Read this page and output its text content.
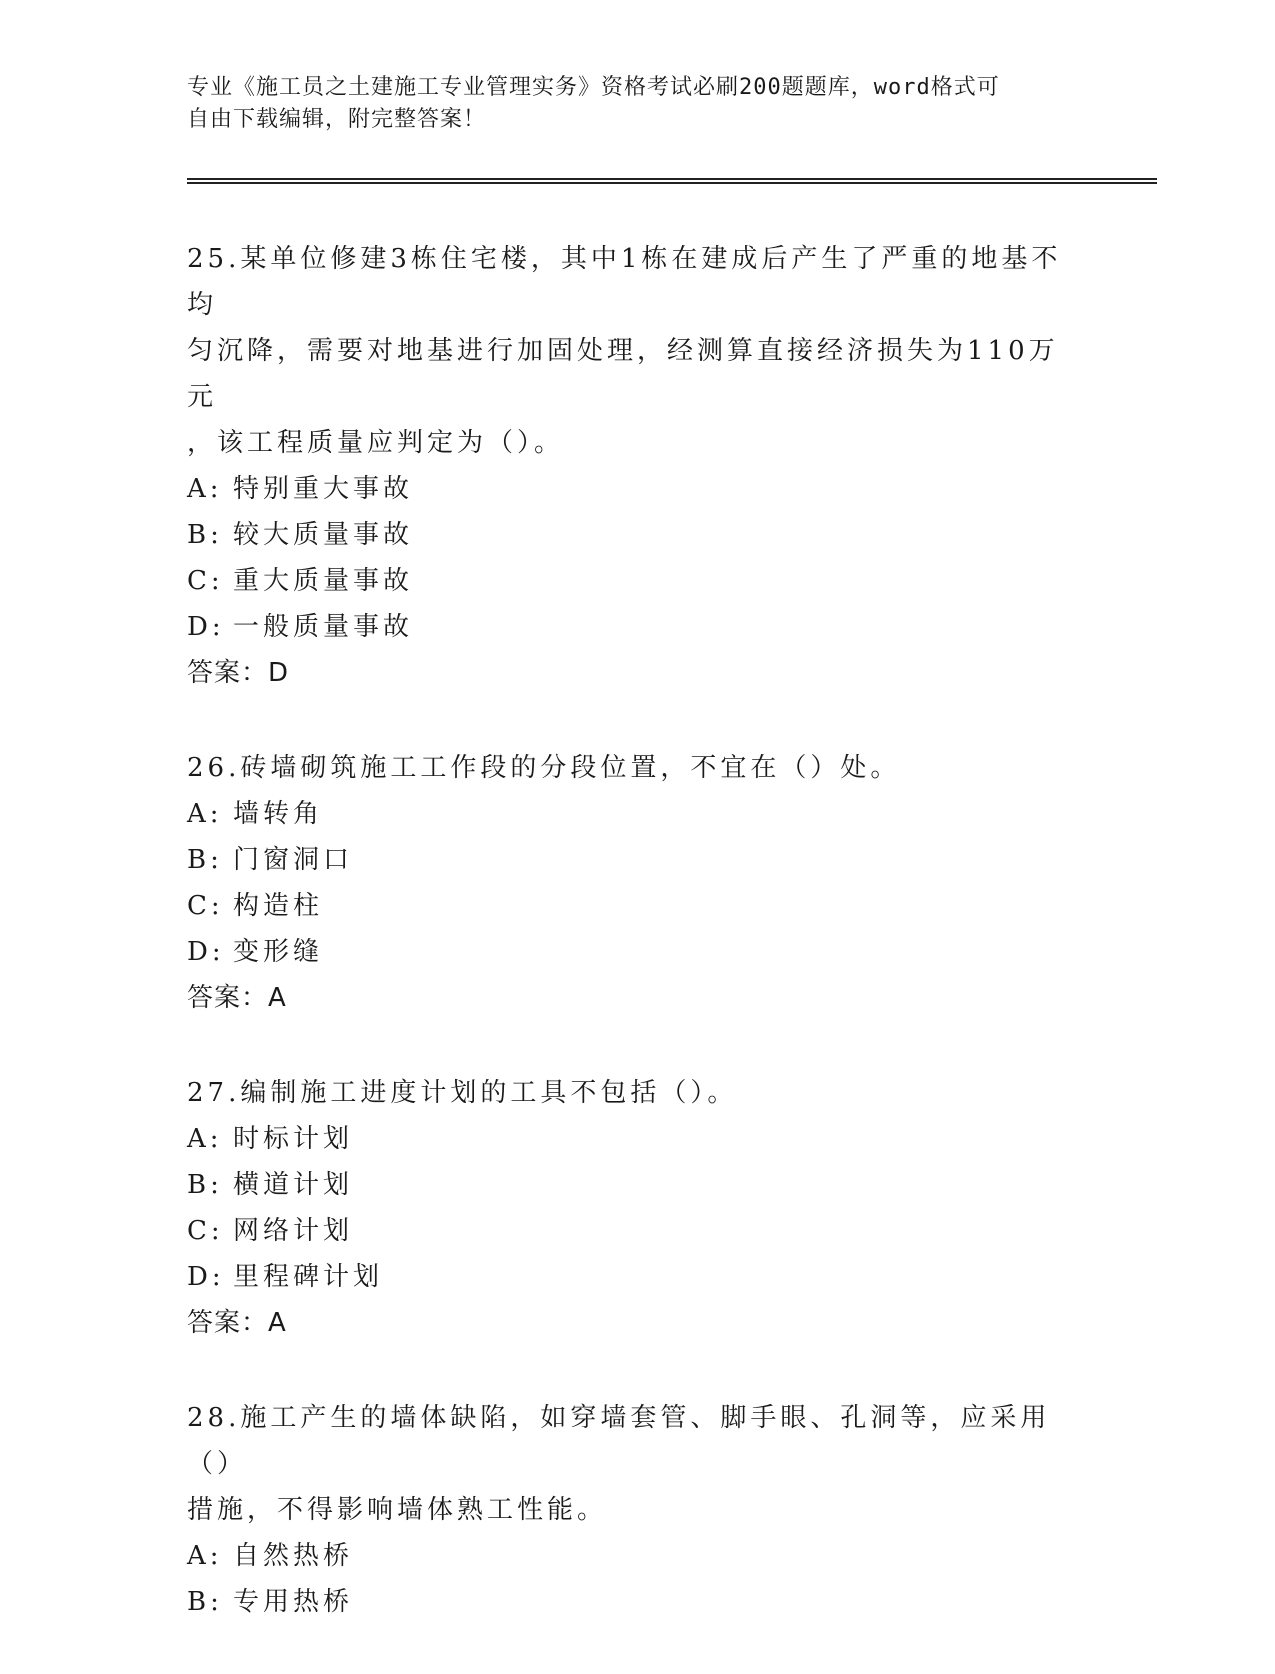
专业《施工员之土建施工专业管理实务》资格考试必刷200题题库，word格式可
自由下载编辑，附完整答案！
25.某单位修建3栋住宅楼，其中1栋在建成后产生了严重的地基不均
匀沉降，需要对地基进行加固处理，经测算直接经济损失为110万元
，该工程质量应判定为（）。
A: 特别重大事故
B: 较大质量事故
C: 重大质量事故
D: 一般质量事故
答案：D
26.砖墙砌筑施工工作段的分段位置，不宜在（）处。
A: 墙转角
B: 门窗洞口
C: 构造柱
D: 变形缝
答案：A
27.编制施工进度计划的工具不包括（）。
A: 时标计划
B: 横道计划
C: 网络计划
D: 里程碑计划
答案：A
28.施工产生的墙体缺陷，如穿墙套管、脚手眼、孔洞等，应采用（）
措施，不得影响墙体熟工性能。
A: 自然热桥
B: 专用热桥
